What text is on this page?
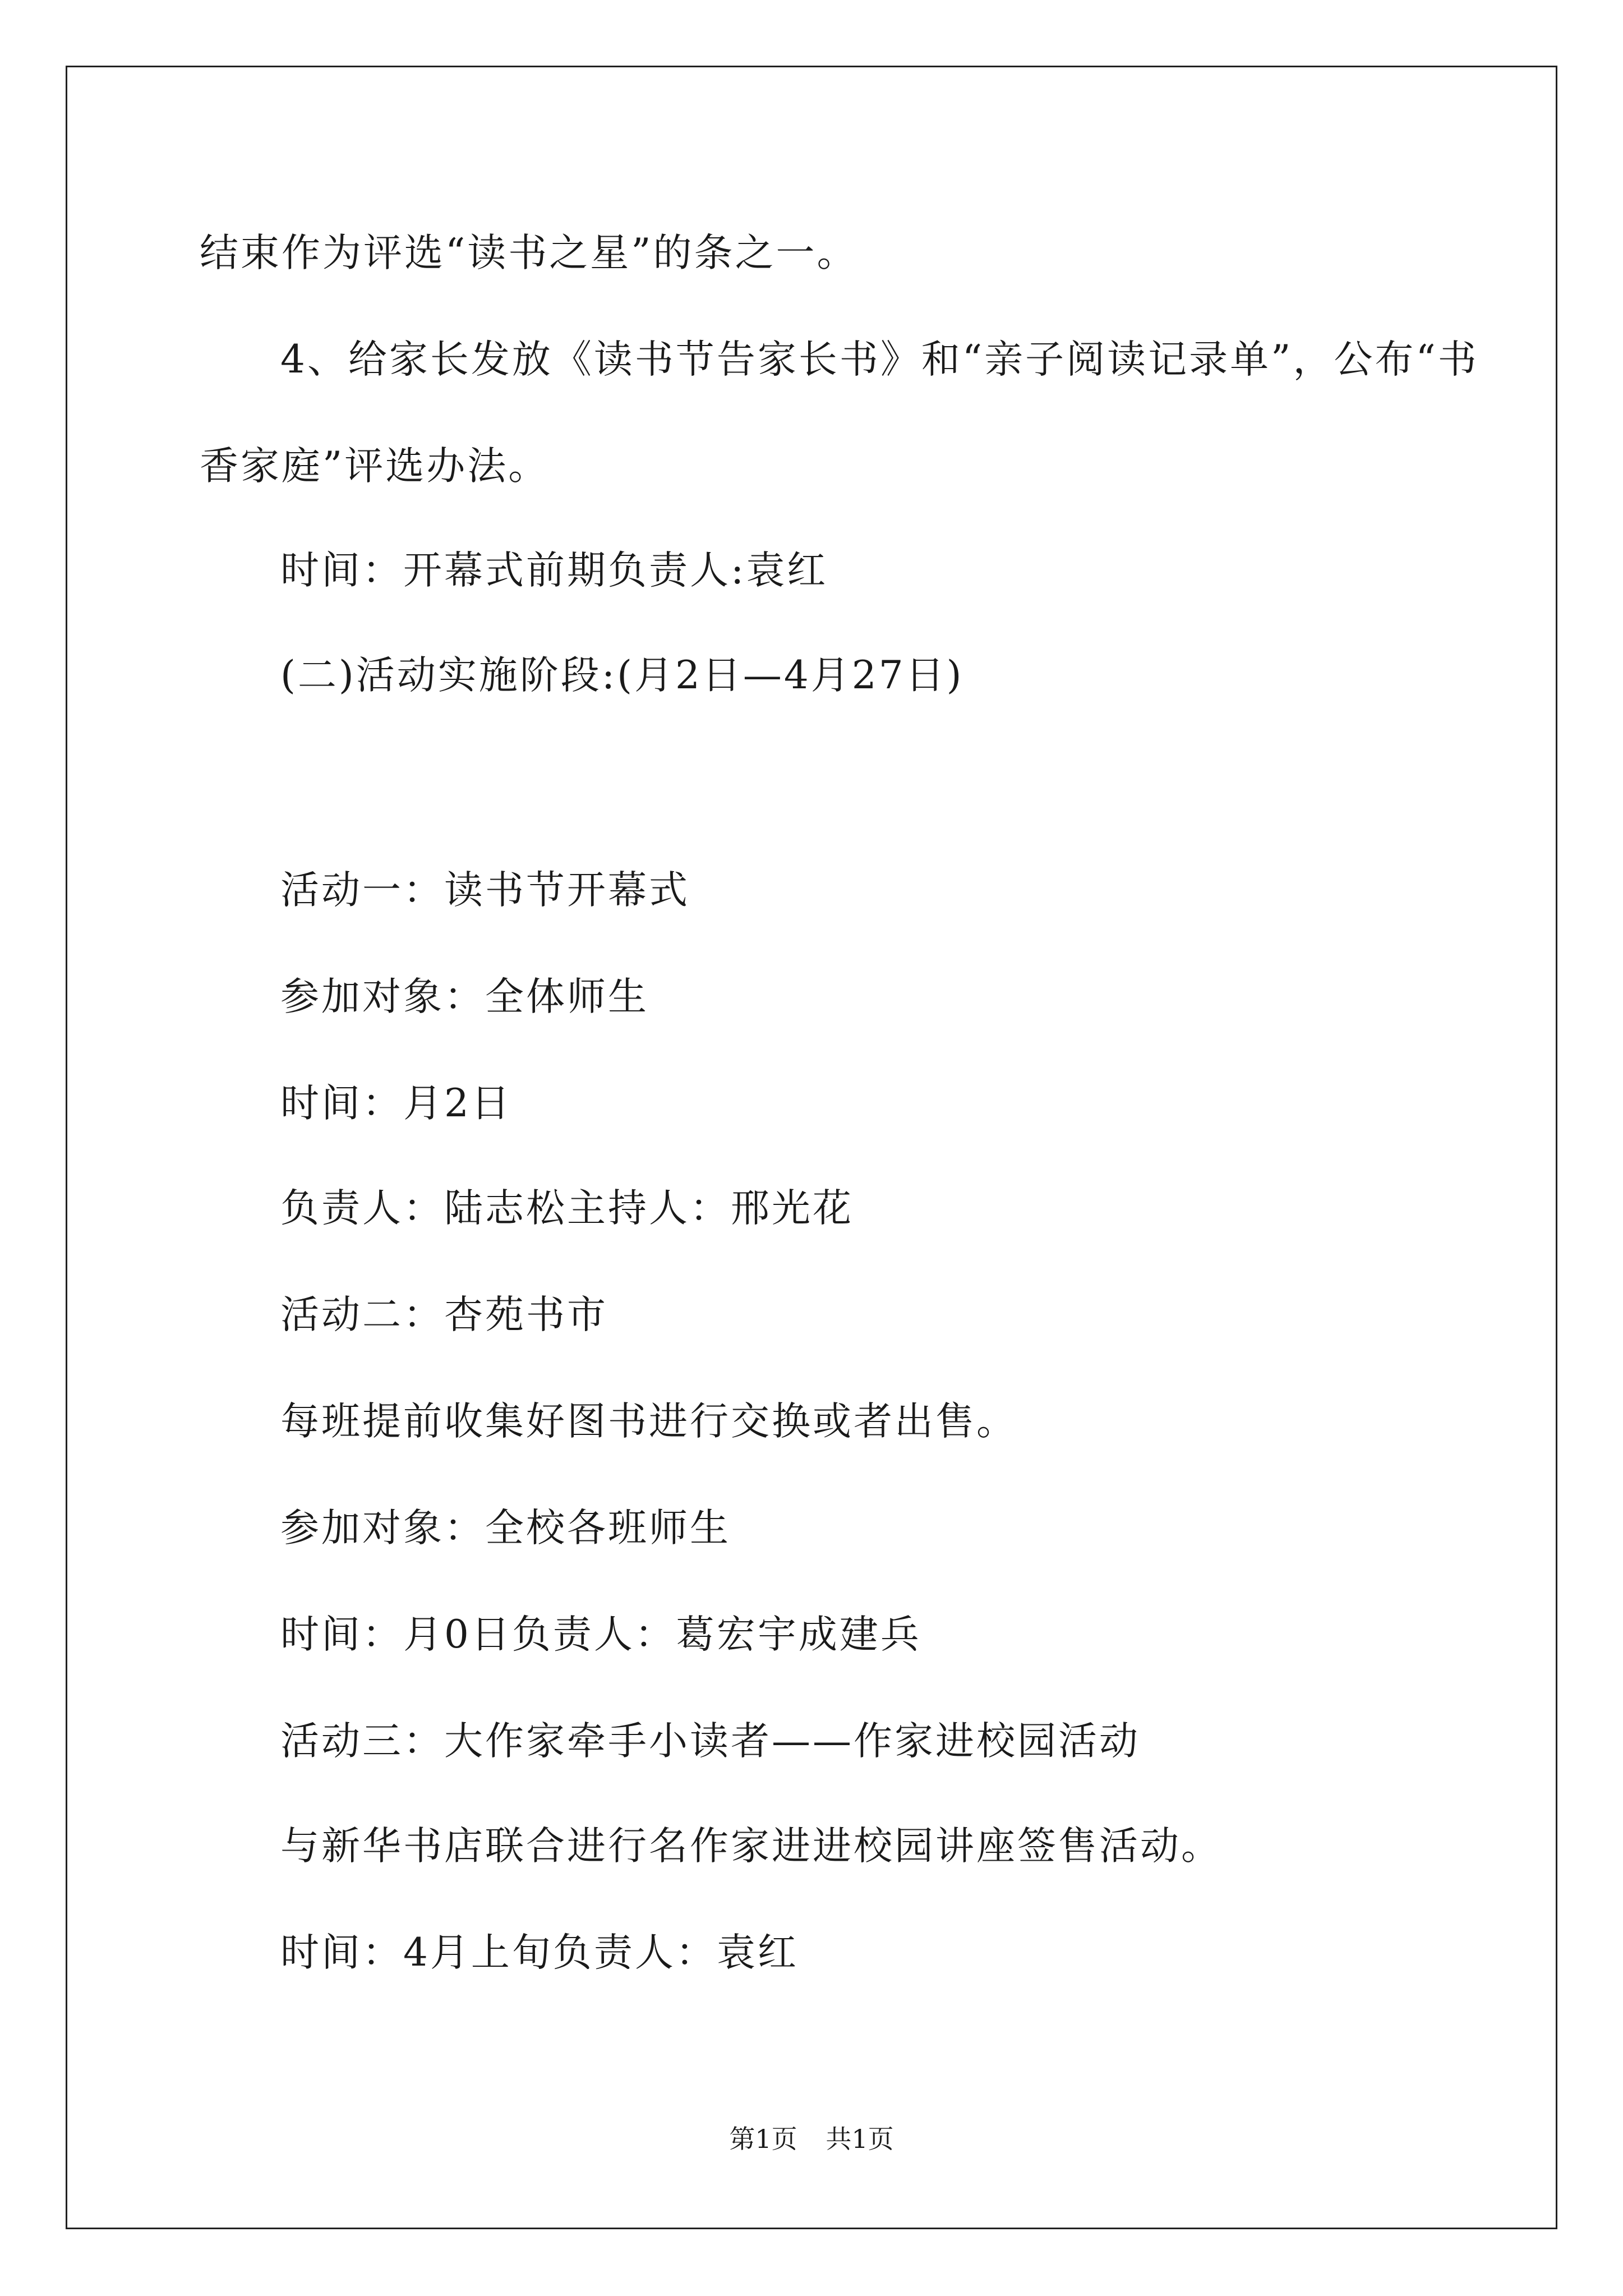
结束作为评选“读书之星”的条之一。
4、给家长发放《读书节告家长书》和“亲子阅读记录单”，公布“书
香家庭”评选办法。
时间：开幕式前期负责人:袁红
(二)活动实施阶段:(月2日—4月27日)
活动一：读书节开幕式
参加对象：全体师生
时间：月2日
负责人：陆志松主持人：邢光花
活动二：杏苑书市
每班提前收集好图书进行交换或者出售。
参加对象：全校各班师生
时间：月0日负责人：葛宏宇成建兵
活动三：大作家牵手小读者——作家进校园活动
与新华书店联合进行名作家进进校园讲座签售活动。
时间：4月上旬负责人：袁红
第1页 共1页
